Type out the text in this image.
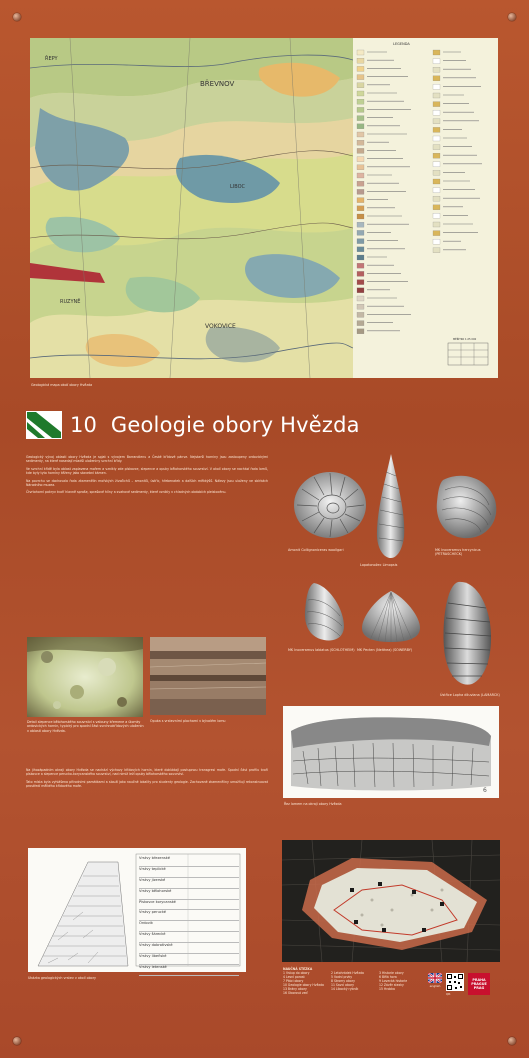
BŘEVNOV
ŘEPY
LIBOC
RUZYNĚ
VOKOVICE
LEGENDA
MĚŘÍTKO 1:25 000
Geologická mapa okolí obory Hvězda
10 Geologie obory Hvězda

Geologický vývoj oblasti obory Hvězda je spjat s vývojem Barrandienu a České křídové pánve. Nejstarší horniny jsou zastoupeny ordovickými sedimenty, na které nasedají mladší uloženiny svrchní křídy.

Ve svrchní křídě byla oblast zaplavena mořem a vznikly zde pískovce, slepence a opuky bělohorského souvrství. V okolí obory se nachází řada lomů, kde byly tyto horniny těženy jako stavební kámen.

Na povrchu se dochovala řada zkamenělin mořských živočichů – amonitů, ústřic, hřebenatek a dalších měkkýšů. Nálezy jsou uloženy ve sbírkách Národního muzea.

Čtvrtohorní pokryv tvoří hlavně spraše, sprašové hlíny a svahové sedimenty, které vznikly v chladných obdobích pleistocénu.

Amonit Collignoniceras woollgari
Lopatonožec Limopsis
MK Inoceramus hercynicus (PETRASCHECK)
MK Inoceramus labiatus (SCHLOTHEIM) MK Pecten (Neithea) (SOWERBY)
Ústřice Lopha diluviana (LAMARCK)
Detail slepence bělohorského souvrství s valouny křemene a úlomky ordovických hornin, typický pro spodní část svrchnokřídových uloženin v oblasti obory Hvězda.
Opuka s vrstevními plochami v bývalém lomu

Na jihozápadním okraji obory Hvězda se nachází výchozy křídových hornin, které dokládají postupnou transgresi moře. Spodní část profilu tvoří pískovce a slepence perucko-korycanského souvrství, nad nimiž leží opuky bělohorského souvrství.

Tato místa byla vyhlášena přírodními památkami a slouží jako naučné lokality pro studenty geologie. Zachované zkameněliny umožňují rekonstruovat prostředí mělkého křídového moře.

6
Řez lomem na okraji obory Hvězda
Vrstvy březenské
Vrstvy teplické
Vrstvy jizerské
Vrstvy bělohorské
Pískovce korycanské
Vrstvy perucké
Ordovik
Vrstvy šárecké
Vrstvy dobrotivské
Vrstvy libeňské
Vrstvy letenské
Ukázka geologických vrstev v okolí obory
NAUČNÁ STEZKA
1 Vstup do obory	2 Letohrádek Hvězda	3 Historie obory
4 Lesní porost	5 Vodní prvky	6 Bělá hora
7 Ptáci obory	8 Stromy obory	9 Lovecká historie
10 Geologie obory Hvězda	11 Savci obory	12 Závěr stezky
13 Brány obory	14 Libocký rybník	15 Hrobka
16 Oborová zeď
english
QR
PRAHA PRAGUE PRAG
